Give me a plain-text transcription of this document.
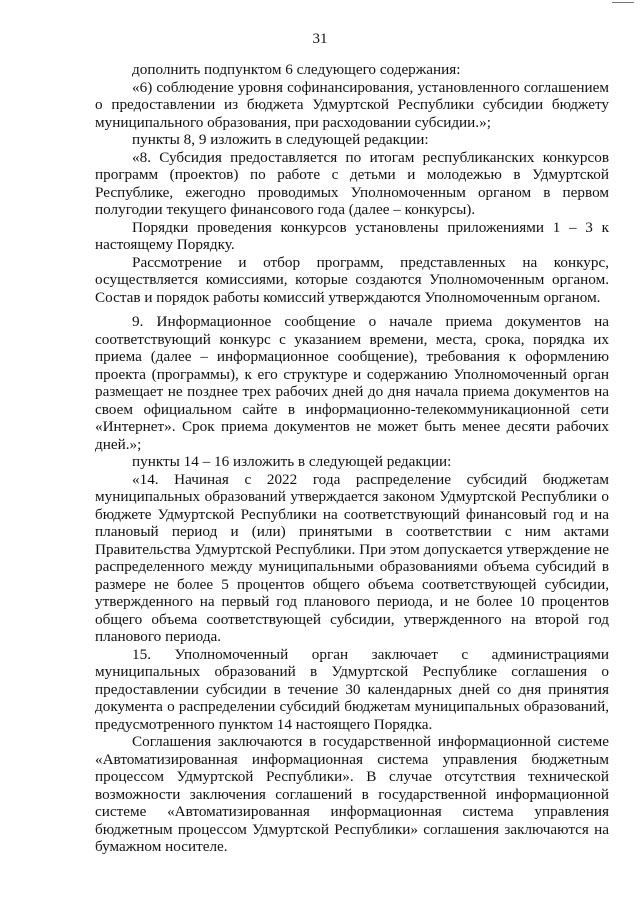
31

дополнить подпунктом 6 следующего содержания:

«6) соблюдение уровня софинансирования, установленного соглашением о предоставлении из бюджета Удмуртской Республики субсидии бюджету муниципального образования, при расходовании субсидии.»;

пункты 8, 9 изложить в следующей редакции:

«8. Субсидия предоставляется по итогам республиканских конкурсов программ (проектов) по работе с детьми и молодежью в Удмуртской Республике, ежегодно проводимых Уполномоченным органом в первом полугодии текущего финансового года (далее – конкурсы).

Порядки проведения конкурсов установлены приложениями 1 – 3 к настоящему Порядку.

Рассмотрение и отбор программ, представленных на конкурс, осуществляется комиссиями, которые создаются Уполномоченным органом. Состав и порядок работы комиссий утверждаются Уполномоченным органом.

9. Информационное сообщение о начале приема документов на соответствующий конкурс с указанием времени, места, срока, порядка их приема (далее – информационное сообщение), требования к оформлению проекта (программы), к его структуре и содержанию Уполномоченный орган размещает не позднее трех рабочих дней до дня начала приема документов на своем официальном сайте в информационно-телекоммуникационной сети «Интернет». Срок приема документов не может быть менее десяти рабочих дней.»;

пункты 14 – 16 изложить в следующей редакции:

«14. Начиная с 2022 года распределение субсидий бюджетам муниципальных образований утверждается законом Удмуртской Республики о бюджете Удмуртской Республики на соответствующий финансовый год и на плановый период и (или) принятыми в соответствии с ним актами Правительства Удмуртской Республики. При этом допускается утверждение не распределенного между муниципальными образованиями объема субсидий в размере не более 5 процентов общего объема соответствующей субсидии, утвержденного на первый год планового периода, и не более 10 процентов общего объема соответствующей субсидии, утвержденного на второй год планового периода.

15. Уполномоченный орган заключает с администрациями муниципальных образований в Удмуртской Республике соглашения о предоставлении субсидии в течение 30 календарных дней со дня принятия документа о распределении субсидий бюджетам муниципальных образований, предусмотренного пунктом 14 настоящего Порядка.

Соглашения заключаются в государственной информационной системе «Автоматизированная информационная система управления бюджетным процессом Удмуртской Республики». В случае отсутствия технической возможности заключения соглашений в государственной информационной системе «Автоматизированная информационная система управления бюджетным процессом Удмуртской Республики» соглашения заключаются на бумажном носителе.
